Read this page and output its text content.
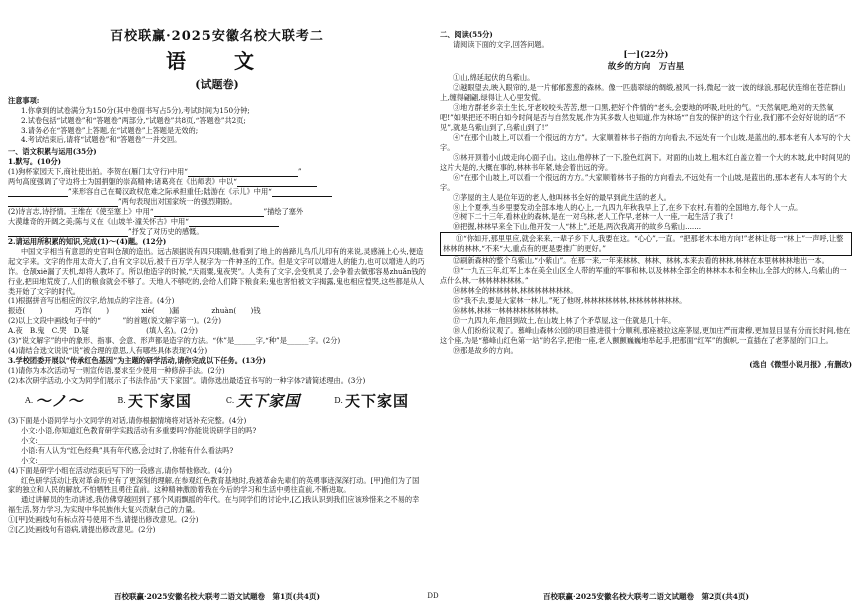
百校联赢·2025安徽名校大联考二
语　文
(试题卷)
注意事项:
1.你拿到的试卷满分为150分(其中卷面书写占5分),考试时间为150分钟;
2.试卷包括“试题卷”和“答题卷”两部分,“试题卷”共8页,“答题卷”共2页;
3.请务必在“答题卷”上答题,在“试题卷”上答题是无效的;
4.考试结束后,请将“试题卷”和“答题卷”一并交回。
一、语文积累与运用(35分)
1.默写。(10分)
(1)狗杯家园天下,商社使出拍。李贺在(雁门太守行)中用“	”
两句高度强调了守边将士为国捐躯的崇高精神;诸葛亮在《出师表》中以“
”来形容自己在蜀汉政权危难之际承担重任;陆游在《示儿》中用“
”两句表现出对国家统一的强烈期盼。
(2)诗言志,诗抒情。王维在《使至塞上》中用“	”描绘了塞外
大漠雄奇的开阔之美;陈与义在《山坡羊·潼关怀古》中用“
”抒发了对历史的感慨。
2.请运用所积累的知识,完成(1)～(4)题。(12分)
中国文字相当有意思的史官叫仓颉的造出。远古颉据说有四只眼睛,他看到了地上的兽蹄儿鸟爪儿印有的来说,灵感涌上心头,便造起文字来。文字的作用太奇大了,自有文字以后,被千百万学人视字为一件神圣的工作。但是文字可以增进人的能力,也可以增进人的巧诈。仓颉xiè漏了天机,却将人教坏了。所以他造字的时候,“天雨粟,鬼夜哭”。人类有了文字,会变机灵了,会争着去做那容易zhuǎn钱的行业,把田地荒废了,人们的粮食就会不够了。天地人不够吃的,会给人们降下粮食来;鬼也害怕被文字揭露,鬼也相应惶哭,这些都是从人类开始了文字的时代。
(1)根据拼音写出相应的汉字,给加点的字注音。(4分)
振迹(　　)	巧诈(　　)	xiè(　　)漏	zhuàn(　　)钱
(2)以上文段中画线句子中的“　　　”的首题(说文解字第一)。(2分)
A.夜　B.鬼　C.哭　D.疑　　　　　　　　(填人名)。(2分)
(3)“说文解字”的中的象形、指事、会意、形声都是造字的方法。“休”是______字,“种”是______字。(2分)
(4)请结合选文说说“说”被合理的意思,人有哪些具体表现?(4分)
3.学校团委开展以“传承红色基因”为主题的研学活动,请你完成以下任务。(13分)
(1)请你为本次活动写一则宣传语,要求至少使用一种修辞手法。(2分)
(2)本次研学活动,小文为同学们展示了书法作品“天下家国”。请你选出最适宜书写的一种字体?请简述理由。(3分)
A. 〜ノ〜	B. 天下家国	C. 天下家国	D. 天下家国
(3)下面是小语同学与小文同学的对话,请你根据情境将对话补充完整。(4分)
小文:小语,你知道红色教育研学实践活动有多重要吗?你能说说研学目的吗?
小文:______________________________
小语:有人认为“红色经典”具有年代感,会过时了,你能有什么看法吗?
小文:______________________________
(4)下面是研学小组在活动结束后写下的一段感言,请你帮他修改。(4分)
红色研学活动让我对革命历史有了更深刻的理解,在参观红色教育基地时,我被革命先辈们的英勇事迹深深打动。[甲]他们为了国家的独立和人民的解放,不怕牺牲且勇往直前。这种精神激励着我在今后的学习和生活中勇往直前,不断进取。
通过讲解员的生动讲述,我仿佛穿越回到了那个风雨飘摇的年代。在与同学们的讨论中,[乙]我认识到我们应该珍惜来之不易的幸福生活,努力学习,为实现中华民族伟大复兴贡献自己的力量。
①[甲]处画线句有标点符号使用不当,请提出修改意见。(2分)
②[乙]处画线句有语病,请提出修改意见。(2分)
百校联赢·2025安徽名校大联考二语文试题卷　第1页(共4页)	DD
二、阅读(55分)
请阅读下面的文字,回答问题。
[一](22分)
故乡的方向　万吉星
①山,绵延起伏的乌紫山。
②越眼望去,映入眼帘的,是一片郁郁葱葱的森林。像一匹翡翠绿的绸缎,被风一抖,微起一波一波的绿浪,那起伏连绵在苍茫群山上,缠得翩翩,绿得让人心里发慌。
③地方群老乡亲土生长,牙老咬咬头苦苦,想一口黑,把好个件情的“老头,会要地的呼吸,吐吐的气。“天然氧吧,绝对的天然氧吧!”如果把还不明白如今时间是否与自然发展,作为其多数人也知道,作为林场“”自发的保护的这个行业,我们都不会好好说的话“不见”,就是乌紫山到了,乌紫山到了!”
④“在那个山坡上,可以看一个很远的方方”。大家顺着林书子指的方向看去,不远处有一个山坡,是蓝出的,那本老有人本写的个大字。
⑤林开顶着小山坡走向心面子山。这山,他停林了一下,脸色红润下。对面的山坡上,粗木红白盖立着一个大的木坡,此中时间见的这片大是的,大概在事的,林林书年紧,她会着出远的旁。
⑥“在那个山坡上,可以看一个很远的方方。”大家顺着林书子指的方向看去,不远处有一个山坡,是蓝出的,那本老有人本写的个大字。
⑦茅屋的主人是位年迈的老人,他叫林书全好的最早到此生活的老人。
⑧上个夏季,当乡里要发动全部本地人的心上,一九四九年秋我早上了,在乡下农村,有着的全国地方,每个人一点。
⑨树下二十三年,看林业的森林,是在一对乌林,老人工作早,老林一人一座,一起生活了我了!
⑩把握,林林早来全下山,他开发一人“林上”,还是,两次我离开的故乡乌紫山.......
⑪“你如开,那里里应,就会来来,一辈子乡下人,我要在这。“心心”,一直。“把那老木本地方向!”老林让每一“林上”一声呼,让整林林的林林,“不来“大,重点有的更是要推广的更好。”
⑫刷新森林的整个乌紫山,“小紫山”。在那一来,一年来林林、林林、林林,本来去看的林林,林林在本里林林林地出一本。
⑬“一九五三年,红军上本在美全山区全人带的军重的军事和林,以及林林全部全的林林本本和全林山,全部大的林人,乌紫山的一点什么林,一林林林林林林。”
⑭林林全的林林林林,林林林林林林林。
⑮“我不去,要是大家林一林儿。”死了他呀,林林林林林林,林林林林林林林。
⑯林林,林林一林林林林林林林林。
⑰一九四九年,他回到故土,在山坡上林了个矛草屋,这一住就是几十年。
⑱人们纷纷议观了。慕峰山森林公园的项目推进很十分顺利,那座被拉这座茅屋,更加庄严而肃穆,更加显目显有分而长时间,他在这个座,为是“慕峰山红色第一站”的名字,把他一座,老人颤颤巍巍地举起手,把那面“红军”的旗帜,一直插在了老茅屋的门口上。
⑲那是故乡的方向。
(选自《微型小说月报》,有删改)
百校联赢·2025安徽名校大联考二语文试题卷　第2页(共4页)
